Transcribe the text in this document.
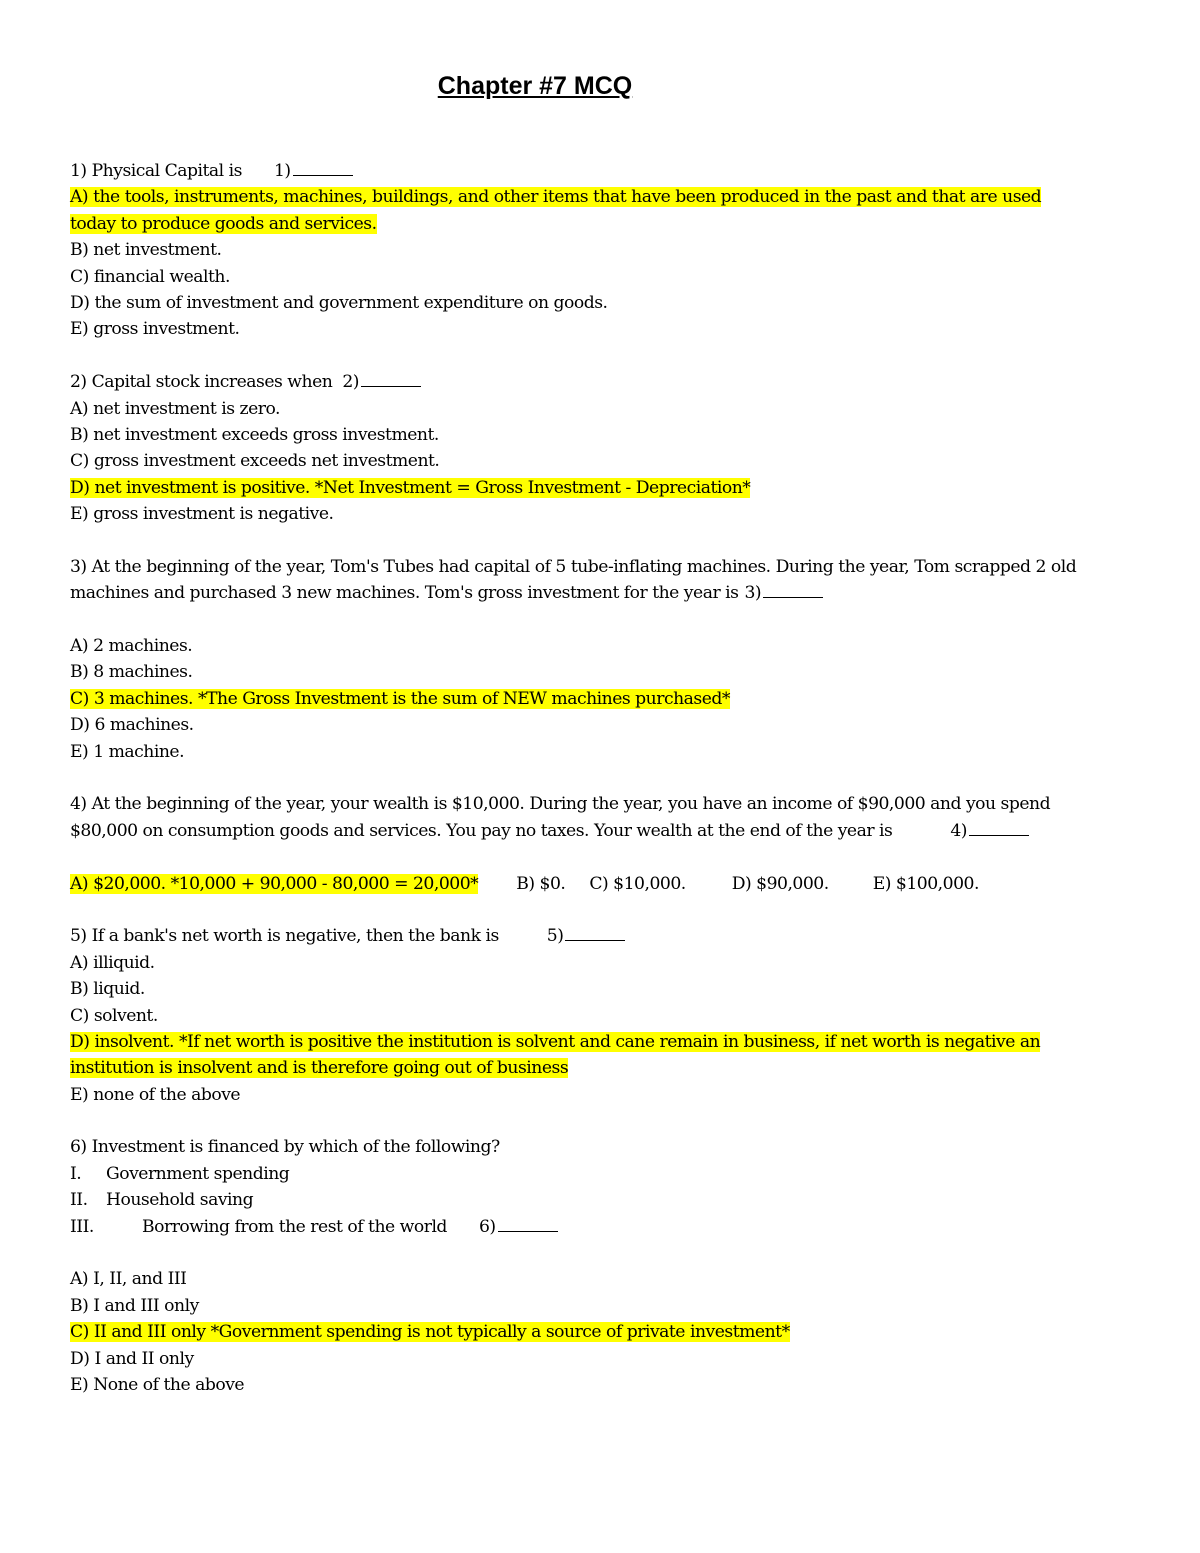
Chapter #7 MCQ
1) Physical Capital is 1)
A) the tools, instruments, machines, buildings, and other items that have been produced in the past and that are used
today to produce goods and services.
B) net investment.
C) financial wealth.
D) the sum of investment and government expenditure on goods.
E) gross investment.
2) Capital stock increases when 2)
A) net investment is zero.
B) net investment exceeds gross investment.
C) gross investment exceeds net investment.
D) net investment is positive. *Net Investment = Gross Investment - Depreciation*
E) gross investment is negative.
3) At the beginning of the year, Tom's Tubes had capital of 5 tube-inflating machines. During the year, Tom scrapped 2 old
machines and purchased 3 new machines. Tom's gross investment for the year is 3)
A) 2 machines.
B) 8 machines.
C) 3 machines. *The Gross Investment is the sum of NEW machines purchased*
D) 6 machines.
E) 1 machine.
4) At the beginning of the year, your wealth is $10,000. During the year, you have an income of $90,000 and you spend
$80,000 on consumption goods and services. You pay no taxes. Your wealth at the end of the year is	4)
A) $20,000. *10,000 + 90,000 - 80,000 = 20,000* B) $0. C) $10,000.	D) $90,000.	E) $100,000.
5) If a bank's net worth is negative, then the bank is	5)
A) illiquid.
B) liquid.
C) solvent.
D) insolvent. *If net worth is positive the institution is solvent and cane remain in business, if net worth is negative an
institution is insolvent and is therefore going out of business
E) none of the above
6) Investment is financed by which of the following?
I. Government spending
II. Household saving
III.	Borrowing from the rest of the world 6)
A) I, II, and III
B) I and III only
C) II and III only *Government spending is not typically a source of private investment*
D) I and II only
E) None of the above
